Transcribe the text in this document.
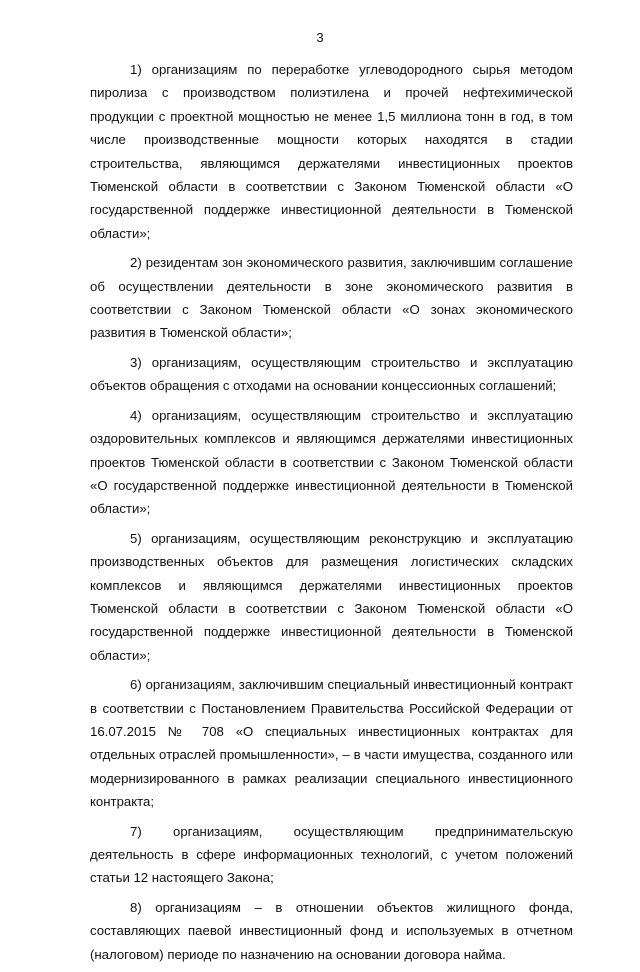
3

1) организациям по переработке углеводородного сырья методом пиролиза с производством полиэтилена и прочей нефтехимической продукции с проектной мощностью не менее 1,5 миллиона тонн в год, в том числе производственные мощности которых находятся в стадии строительства, являющимся держателями инвестиционных проектов Тюменской области в соответствии с Законом Тюменской области «О государственной поддержке инвестиционной деятельности в Тюменской области»;

2) резидентам зон экономического развития, заключившим соглашение об осуществлении деятельности в зоне экономического развития в соответствии с Законом Тюменской области «О зонах экономического развития в Тюменской области»;

3) организациям, осуществляющим строительство и эксплуатацию объектов обращения с отходами на основании концессионных соглашений;

4) организациям, осуществляющим строительство и эксплуатацию оздоровительных комплексов и являющимся держателями инвестиционных проектов Тюменской области в соответствии с Законом Тюменской области «О государственной поддержке инвестиционной деятельности в Тюменской области»;

5) организациям, осуществляющим реконструкцию и эксплуатацию производственных объектов для размещения логистических складских комплексов и являющимся держателями инвестиционных проектов Тюменской области в соответствии с Законом Тюменской области «О государственной поддержке инвестиционной деятельности в Тюменской области»;

6) организациям, заключившим специальный инвестиционный контракт в соответствии с Постановлением Правительства Российской Федерации от 16.07.2015 № 708 «О специальных инвестиционных контрактах для отдельных отраслей промышленности», – в части имущества, созданного или модернизированного в рамках реализации специального инвестиционного контракта;

7) организациям, осуществляющим предпринимательскую деятельность в сфере информационных технологий, с учетом положений статьи 12 настоящего Закона;

8) организациям – в отношении объектов жилищного фонда, составляющих паевой инвестиционный фонд и используемых в отчетном (налоговом) периоде по назначению на основании договора найма.
